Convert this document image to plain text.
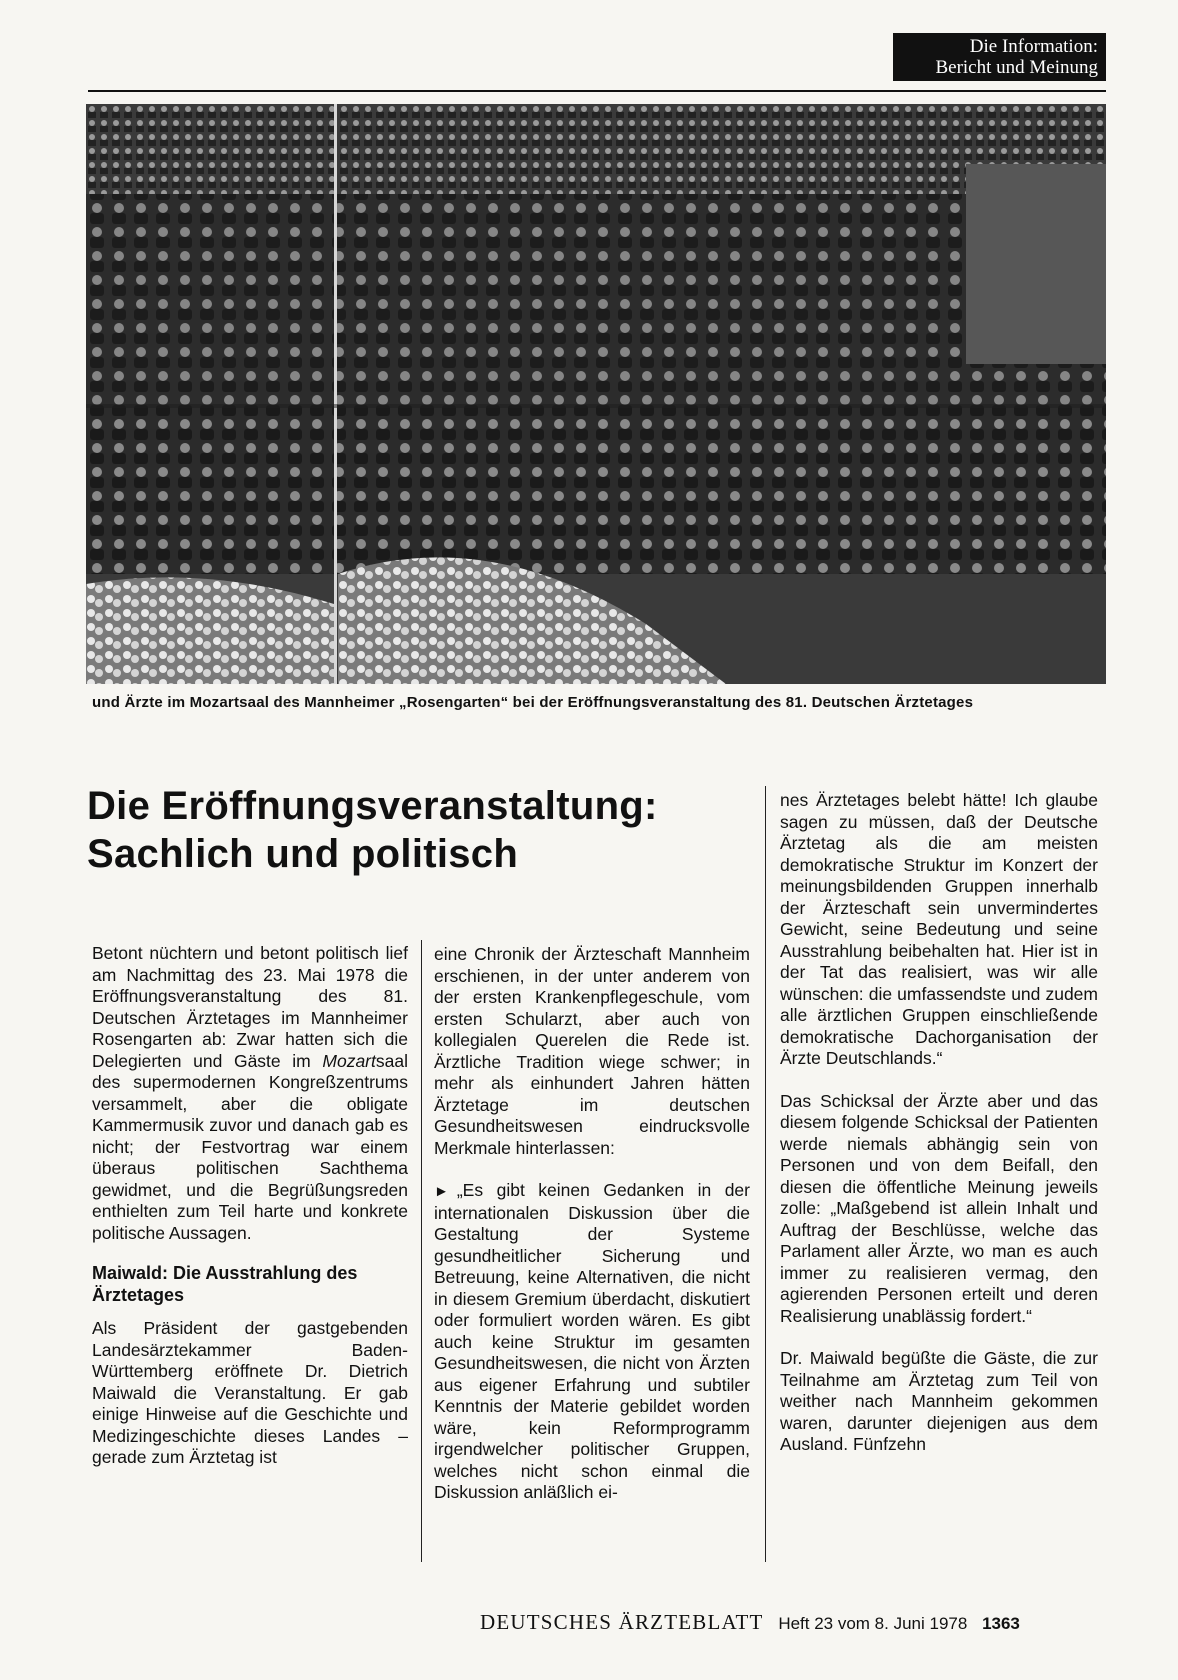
Die Information:
Bericht und Meinung
und Ärzte im Mozartsaal des Mannheimer „Rosengarten“ bei der Eröffnungsveranstaltung des 81. Deutschen Ärztetages
Die Eröffnungsveranstaltung:
Sachlich und politisch

Betont nüchtern und betont politisch lief am Nachmittag des 23. Mai 1978 die Eröffnungsveranstaltung des 81. Deutschen Ärztetages im Mannheimer Rosengarten ab: Zwar hatten sich die Delegierten und Gäste im Mozartsaal des supermodernen Kongreßzentrums versammelt, aber die obligate Kammermusik zuvor und danach gab es nicht; der Festvortrag war einem überaus politischen Sachthema gewidmet, und die Begrüßungsreden enthielten zum Teil harte und konkrete politische Aussagen.

Maiwald: Die Ausstrahlung des Ärztetages

Als Präsident der gastgebenden Landesärztekammer Baden-Württemberg eröffnete Dr. Dietrich Maiwald die Veranstaltung. Er gab einige Hinweise auf die Geschichte und Medizingeschichte dieses Landes – gerade zum Ärztetag ist

eine Chronik der Ärzteschaft Mannheim erschienen, in der unter anderem von der ersten Krankenpflegeschule, vom ersten Schularzt, aber auch von kollegialen Querelen die Rede ist. Ärztliche Tradition wiege schwer; in mehr als einhundert Jahren hätten Ärztetage im deutschen Gesundheitswesen eindrucksvolle Merkmale hinterlassen:

► „Es gibt keinen Gedanken in der internationalen Diskussion über die Gestaltung der Systeme gesundheitlicher Sicherung und Betreuung, keine Alternativen, die nicht in diesem Gremium überdacht, diskutiert oder formuliert worden wären. Es gibt auch keine Struktur im gesamten Gesundheitswesen, die nicht von Ärzten aus eigener Erfahrung und subtiler Kenntnis der Materie gebildet worden wäre, kein Reformprogramm irgendwelcher politischer Gruppen, welches nicht schon einmal die Diskussion anläßlich ei-

nes Ärztetages belebt hätte! Ich glaube sagen zu müssen, daß der Deutsche Ärztetag als die am meisten demokratische Struktur im Konzert der meinungsbildenden Gruppen innerhalb der Ärzteschaft sein unvermindertes Gewicht, seine Bedeutung und seine Ausstrahlung beibehalten hat. Hier ist in der Tat das realisiert, was wir alle wünschen: die umfassendste und zudem alle ärztlichen Gruppen einschließende demokratische Dachorganisation der Ärzte Deutschlands.“

Das Schicksal der Ärzte aber und das diesem folgende Schicksal der Patienten werde niemals abhängig sein von Personen und von dem Beifall, den diesen die öffentliche Meinung jeweils zolle: „Maßgebend ist allein Inhalt und Auftrag der Beschlüsse, welche das Parlament aller Ärzte, wo man es auch immer zu realisieren vermag, den agierenden Personen erteilt und deren Realisierung unablässig fordert.“

Dr. Maiwald begüßte die Gäste, die zur Teilnahme am Ärztetag zum Teil von weither nach Mannheim gekommen waren, darunter diejenigen aus dem Ausland. Fünfzehn

DEUTSCHES ÄRZTEBLATT Heft 23 vom 8. Juni 1978 1363
